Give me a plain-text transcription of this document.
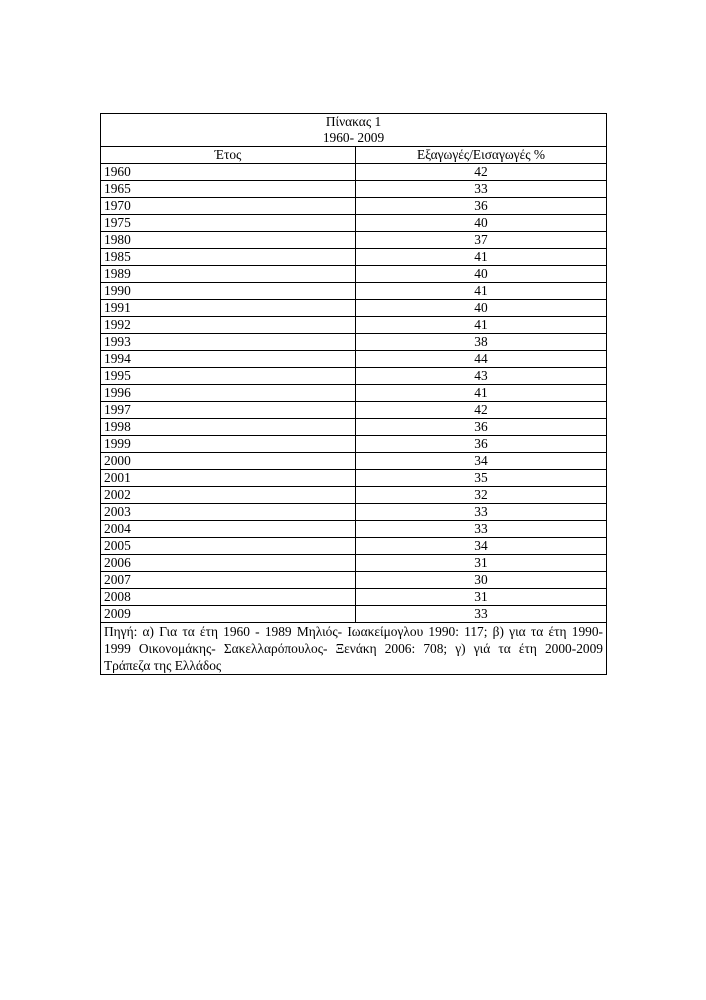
Πίνακας 1
1960- 2009	

Έτος	Εξαγωγές/Εισαγωγές %
1960	42
1965	33
1970	36
1975	40
1980	37
1985	41
1989	40
1990	41
1991	40
1992	41
1993	38
1994	44
1995	43
1996	41
1997	42
1998	36
1999	36
2000	34
2001	35
2002	32
2003	33
2004	33
2005	34
2006	31
2007	30
2008	31
2009	33
Πηγή: α) Για τα έτη 1960 - 1989 Μηλιός- Ιωακείμογλου 1990: 117; β) για τα έτη 1990- 1999 Οικονομάκης- Σακελλαρόπουλος- Ξενάκη 2006: 708; γ) γιά τα έτη 2000-2009 Τράπεζα της Ελλάδος	
